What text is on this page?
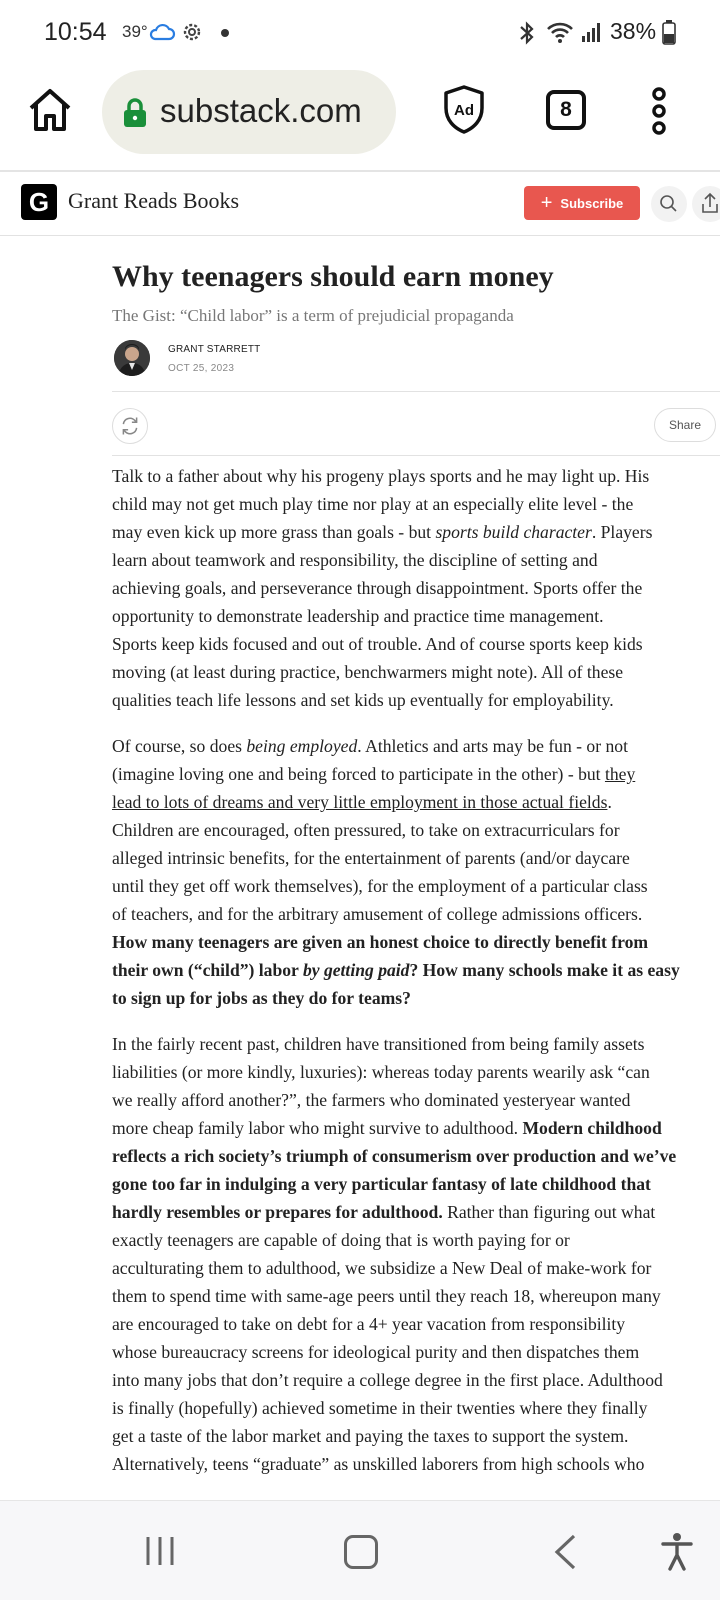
10:54 39°	38%
substack.com	Ad	8
G Grant Reads Books	+ Subscribe
Why teenagers should earn money
The Gist: “Child labor” is a term of prejudicial propaganda
GRANT STARRETT
OCT 25, 2023
Share

Talk to a father about why his progeny plays sports and he may light up. His
child may not get much play time nor play at an especially elite level - the
may even kick up more grass than goals - but sports build character. Players
learn about teamwork and responsibility, the discipline of setting and
achieving goals, and perseverance through disappointment. Sports offer the
opportunity to demonstrate leadership and practice time management.
Sports keep kids focused and out of trouble. And of course sports keep kids
moving (at least during practice, benchwarmers might note). All of these
qualities teach life lessons and set kids up eventually for employability.

Of course, so does being employed. Athletics and arts may be fun - or not
(imagine loving one and being forced to participate in the other) - but they
lead to lots of dreams and very little employment in those actual fields.
Children are encouraged, often pressured, to take on extracurriculars for
alleged intrinsic benefits, for the entertainment of parents (and/or daycare
until they get off work themselves), for the employment of a particular class
of teachers, and for the arbitrary amusement of college admissions officers.
How many teenagers are given an honest choice to directly benefit from
their own (“child”) labor by getting paid? How many schools make it as easy
to sign up for jobs as they do for teams?

In the fairly recent past, children have transitioned from being family assets
liabilities (or more kindly, luxuries): whereas today parents wearily ask “can
we really afford another?”, the farmers who dominated yesteryear wanted
more cheap family labor who might survive to adulthood. Modern childhood
reflects a rich society’s triumph of consumerism over production and we’ve
gone too far in indulging a very particular fantasy of late childhood that
hardly resembles or prepares for adulthood. Rather than figuring out what
exactly teenagers are capable of doing that is worth paying for or
acculturating them to adulthood, we subsidize a New Deal of make-work for
them to spend time with same-age peers until they reach 18, whereupon many
are encouraged to take on debt for a 4+ year vacation from responsibility
whose bureaucracy screens for ideological purity and then dispatches them
into many jobs that don’t require a college degree in the first place. Adulthood
is finally (hopefully) achieved sometime in their twenties where they finally
get a taste of the labor market and paying the taxes to support the system.
Alternatively, teens “graduate” as unskilled laborers from high schools who
